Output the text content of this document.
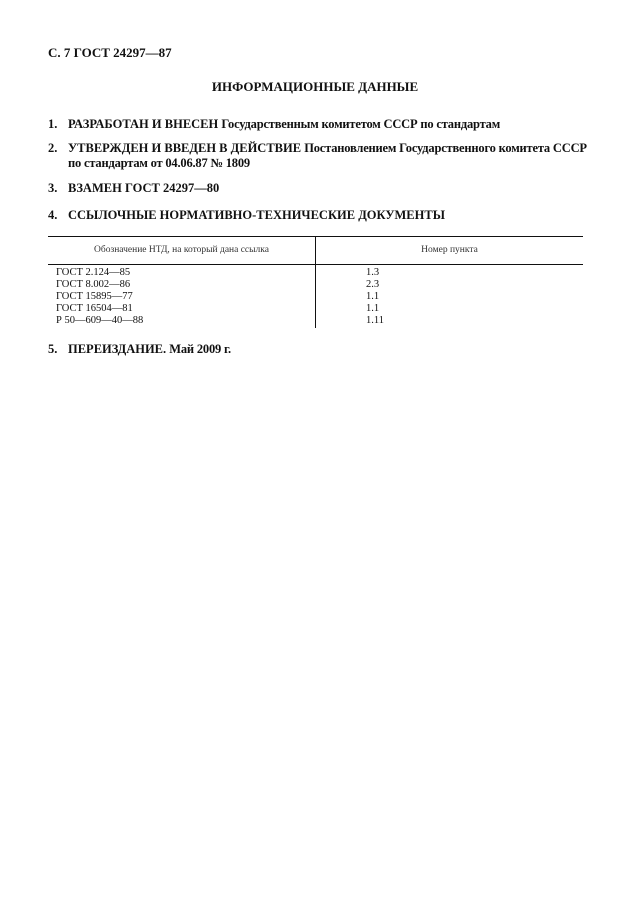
С. 7 ГОСТ 24297—87
ИНФОРМАЦИОННЫЕ ДАННЫЕ
1. РАЗРАБОТАН И ВНЕСЕН Государственным комитетом СССР по стандартам
2. УТВЕРЖДЕН И ВВЕДЕН В ДЕЙСТВИЕ Постановлением Государственного комитета СССР по стандартам от 04.06.87 № 1809
3. ВЗАМЕН ГОСТ 24297—80
4. ССЫЛОЧНЫЕ НОРМАТИВНО-ТЕХНИЧЕСКИЕ ДОКУМЕНТЫ
Обозначение НТД, на который дана ссылка	Номер пункта
ГОСТ 2.124—85
ГОСТ 8.002—86
ГОСТ 15895—77
ГОСТ 16504—81
Р 50—609—40—88
1.3
2.3
1.1
1.1
1.11
5. ПЕРЕИЗДАНИЕ. Май 2009 г.
